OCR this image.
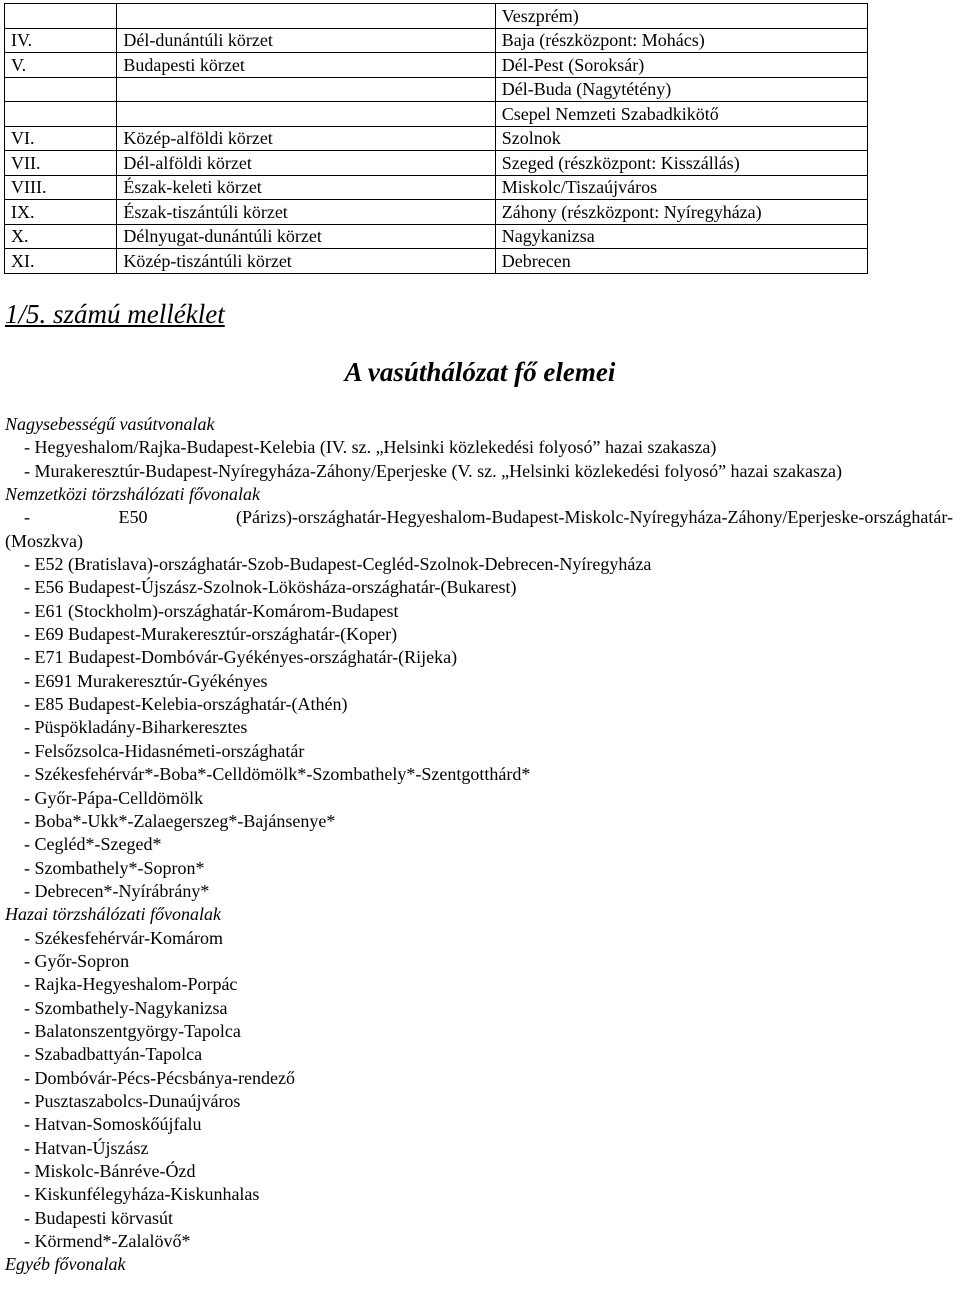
		Veszprém)
IV.	Dél-dunántúli körzet	Baja (részközpont: Mohács)
V.	Budapesti körzet	Dél-Pest (Soroksár)
		Dél-Buda (Nagytétény)
		Csepel Nemzeti Szabadkikötő
VI.	Közép-alföldi körzet	Szolnok
VII.	Dél-alföldi körzet	Szeged (részközpont: Kisszállás)
VIII.	Észak-keleti körzet	Miskolc/Tiszaújváros
IX.	Észak-tiszántúli körzet	Záhony (részközpont: Nyíregyháza)
X.	Délnyugat-dunántúli körzet	Nagykanizsa
XI.	Közép-tiszántúli körzet	Debrecen
1/5. számú melléklet
A vasúthálózat fő elemei

Nagysebességű vasútvonalak

- Hegyeshalom/Rajka-Budapest-Kelebia (IV. sz. „Helsinki közlekedési folyosó” hazai szakasza)
- Murakeresztúr-Budapest-Nyíregyháza-Záhony/Eperjeske (V. sz. „Helsinki közlekedési folyosó” hazai szakasza)

Nemzetközi törzshálózati fővonalak

-	E50	(Párizs)-országhatár-Hegyeshalom-Budapest-Miskolc-Nyíregyháza-Záhony/Eperjeske-országhatár-

(Moszkva)

- E52 (Bratislava)-országhatár-Szob-Budapest-Cegléd-Szolnok-Debrecen-Nyíregyháza
- E56 Budapest-Újszász-Szolnok-Lökösháza-országhatár-(Bukarest)
- E61 (Stockholm)-országhatár-Komárom-Budapest
- E69 Budapest-Murakeresztúr-országhatár-(Koper)
- E71 Budapest-Dombóvár-Gyékényes-országhatár-(Rijeka)
- E691 Murakeresztúr-Gyékényes
- E85 Budapest-Kelebia-országhatár-(Athén)
- Püspökladány-Biharkeresztes
- Felsőzsolca-Hidasnémeti-országhatár
- Székesfehérvár*-Boba*-Celldömölk*-Szombathely*-Szentgotthárd*
- Győr-Pápa-Celldömölk
- Boba*-Ukk*-Zalaegerszeg*-Bajánsenye*
- Cegléd*-Szeged*
- Szombathely*-Sopron*
- Debrecen*-Nyírábrány*

Hazai törzshálózati fővonalak

- Székesfehérvár-Komárom
- Győr-Sopron
- Rajka-Hegyeshalom-Porpác
- Szombathely-Nagykanizsa
- Balatonszentgyörgy-Tapolca
- Szabadbattyán-Tapolca
- Dombóvár-Pécs-Pécsbánya-rendező
- Pusztaszabolcs-Dunaújváros
- Hatvan-Somoskőújfalu
- Hatvan-Újszász
- Miskolc-Bánréve-Ózd
- Kiskunfélegyháza-Kiskunhalas
- Budapesti körvasút
- Körmend*-Zalalövő*

Egyéb fővonalak
